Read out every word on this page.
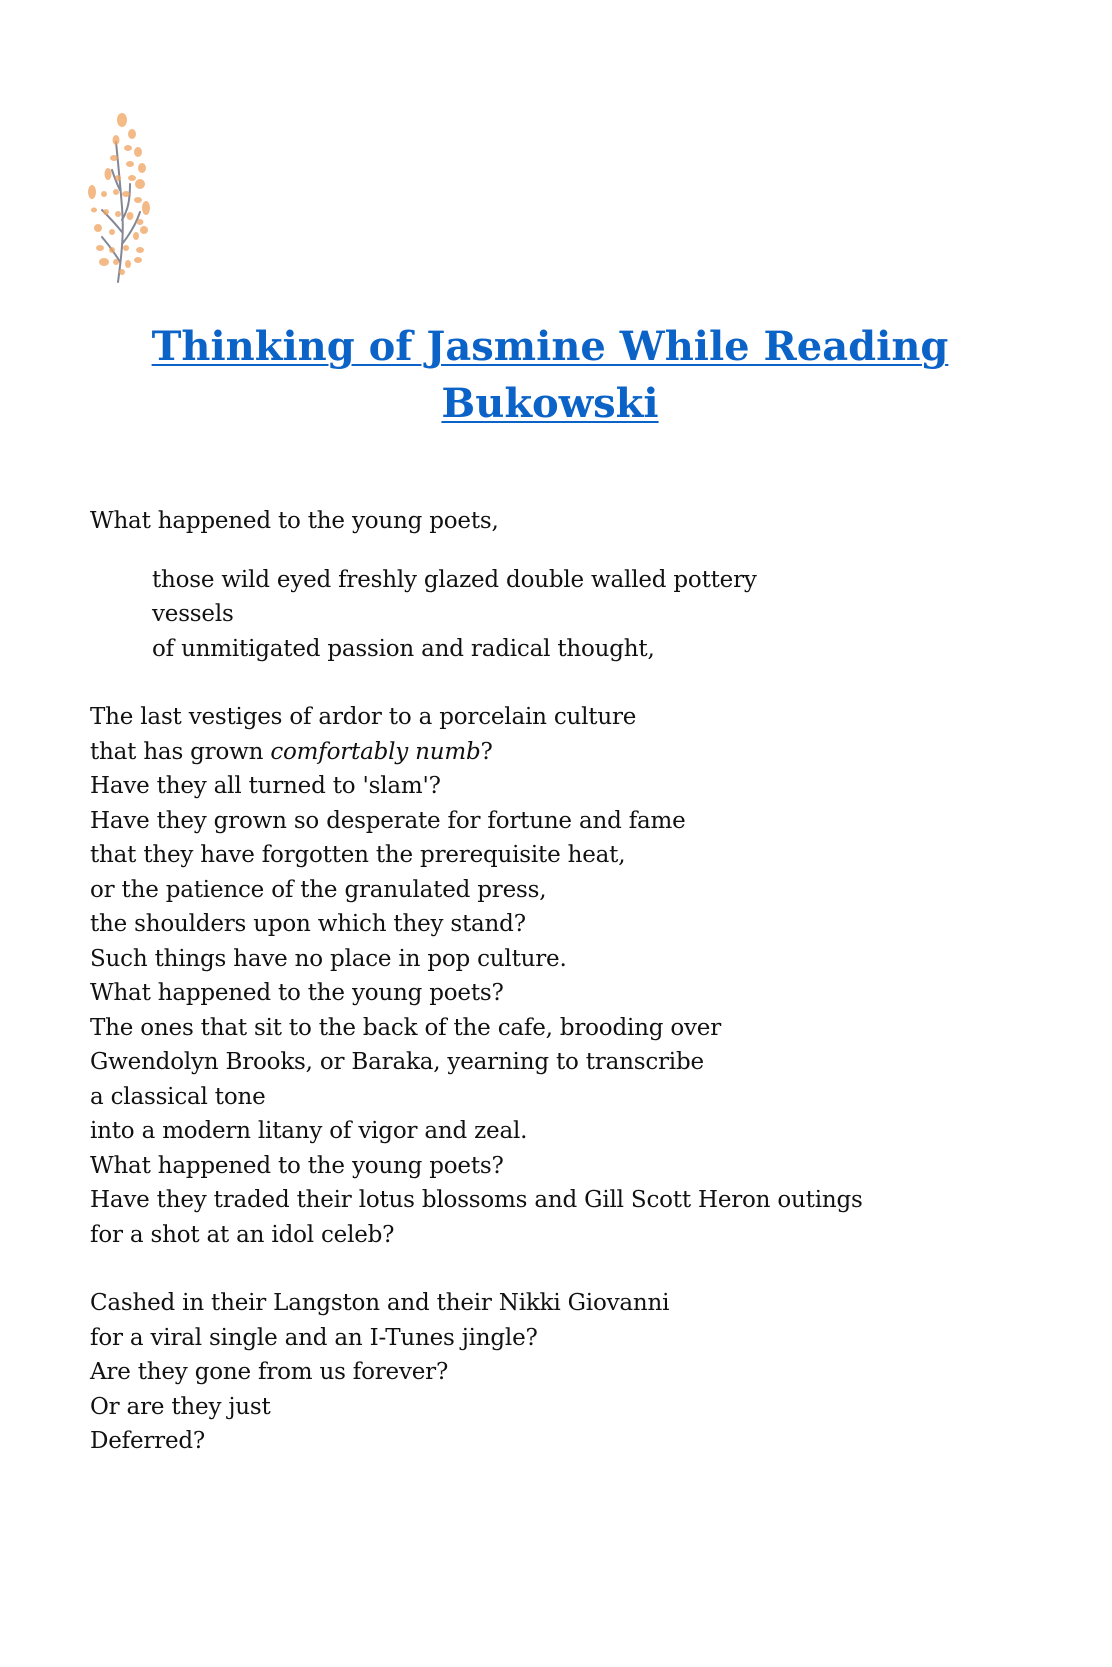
Thinking of Jasmine While Reading Bukowski

What happened to the young poets,

those wild eyed freshly glazed double walled pottery
vessels
of unmitigated passion and radical thought,

The last vestiges of ardor to a porcelain culture
that has grown comfortably numb?
Have they all turned to 'slam'?
Have they grown so desperate for fortune and fame
that they have forgotten the prerequisite heat,
or the patience of the granulated press,
the shoulders upon which they stand?
Such things have no place in pop culture.
What happened to the young poets?
The ones that sit to the back of the cafe, brooding over
Gwendolyn Brooks, or Baraka, yearning to transcribe
a classical tone
into a modern litany of vigor and zeal.
What happened to the young poets?
Have they traded their lotus blossoms and Gill Scott Heron outings
for a shot at an idol celeb?

Cashed in their Langston and their Nikki Giovanni
for a viral single and an I-Tunes jingle?
Are they gone from us forever?
Or are they just
Deferred?
